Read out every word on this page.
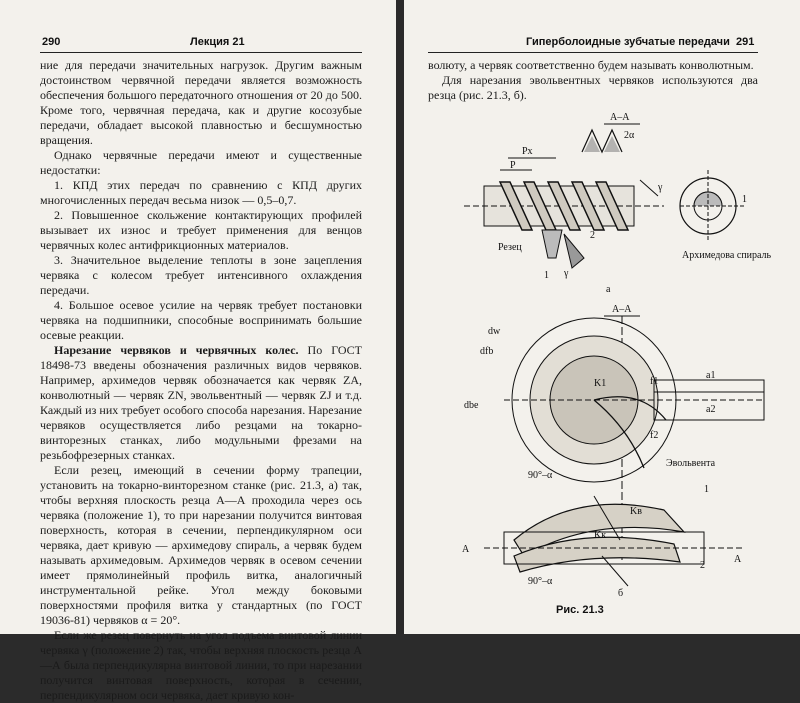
290	Лекция 21

ние для передачи значительных нагрузок. Другим важным достоинством червячной передачи является возможность обеспечения большого передаточного отношения от 20 до 500. Кроме того, червячная передача, как и другие косозубые передачи, обладает высокой плавностью и бесшумностью вращения.

Однако червячные передачи имеют и существенные недостатки:

1. КПД этих передач по сравнению с КПД других многочисленных передач весьма низок — 0,5–0,7.

2. Повышенное скольжение контактирующих профилей вызывает их износ и требует применения для венцов червячных колес антифрикционных материалов.

3. Значительное выделение теплоты в зоне зацепления червяка с колесом требует интенсивного охлаждения передачи.

4. Большое осевое усилие на червяк требует постановки червяка на подшипники, способные воспринимать большие осевые реакции.

Нарезание червяков и червячных колес. По ГОСТ 18498-73 введены обозначения различных видов червяков. Например, архимедов червяк обозначается как червяк ZA, конволютный — червяк ZN, эвольвентный — червяк ZJ и т.д. Каждый из них требует особого способа нарезания. Нарезание червяков осуществляется либо резцами на токарно-винторезных станках, либо модульными фрезами на резьбофрезерных станках.

Если резец, имеющий в сечении форму трапеции, установить на токарно-винторезном станке (рис. 21.3, а) так, чтобы верхняя плоскость резца А—А проходила через ось червяка (положение 1), то при нарезании получится винтовая поверхность, которая в сечении, перпендикулярном оси червяка, дает кривую — архимедову спираль, а червяк будем называть архимедовым. Архимедов червяк в осевом сечении имеет прямолинейный профиль витка, аналогичный инструментальной рейке. Угол между боковыми поверхностями профиля витка у стандартных (по ГОСТ 19036-81) червяков α = 20°.

Если же резец повернуть на угол подъема винтовой линии червяка γ (положение 2) так, чтобы верхняя плоскость резца А—А была перпендикулярна винтовой линии, то при нарезании получится винтовая поверхность, которая в сечении, перпендикулярном оси червяка, дает кривую кон-

Гиперболоидные зубчатые передачи 291

волюту, а червяк соответственно будем называть конволютным.

Для нарезания эвольвентных червяков используются два резца (рис. 21.3, б).

А–А
2α
Pх
P
γ
Резец
2
1 γ
1
Архимедова спираль
а
А–А
dw
dfb
dbe
f1
f2
a1
a2
K1
Эвольвента
90°–α
Kв
Kк
1
2
А
А
90°–α
б
Рис. 21.3
